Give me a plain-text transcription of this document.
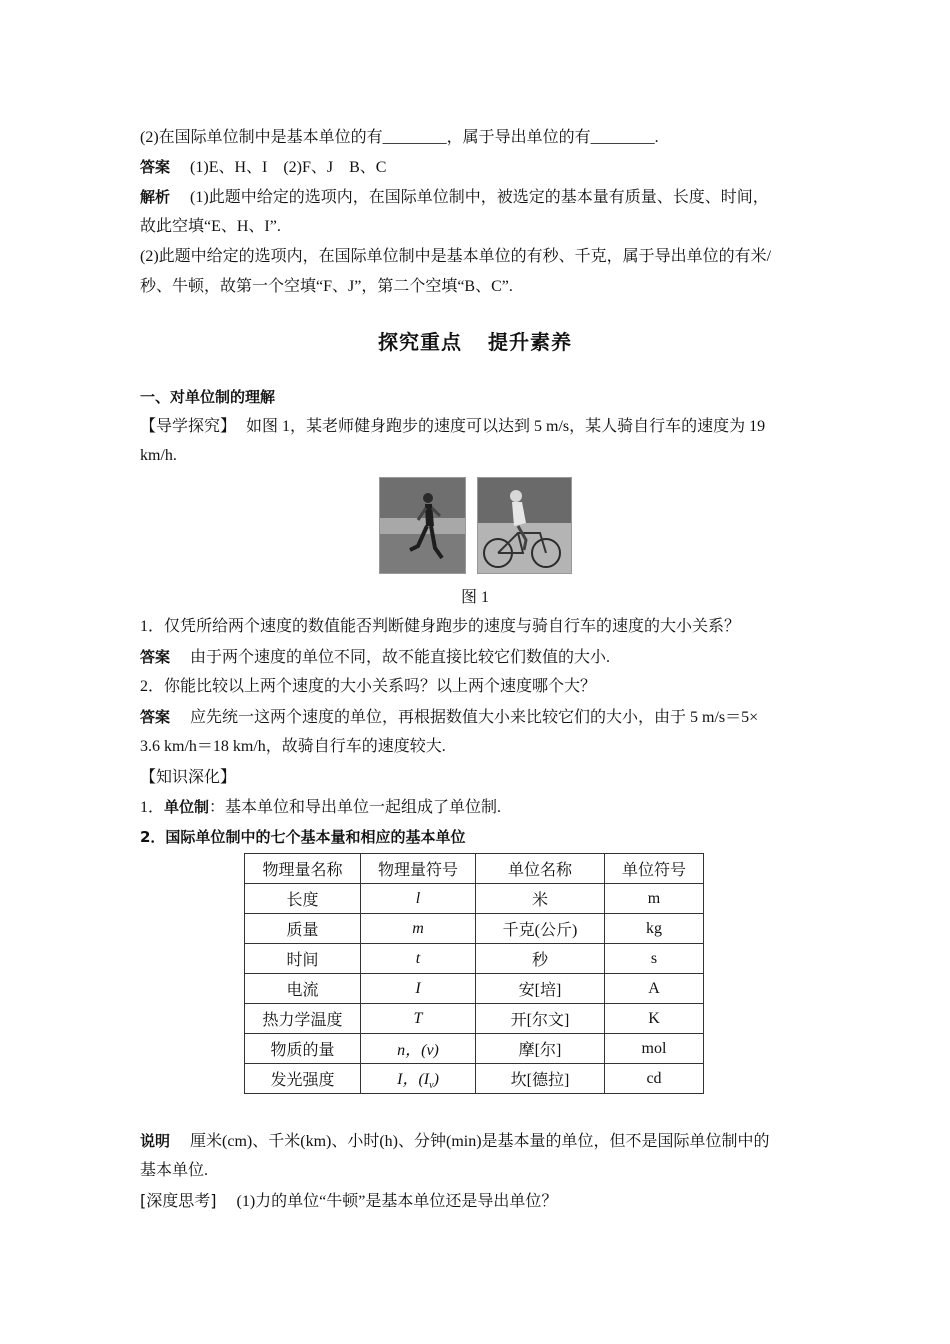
(2)在国际单位制中是基本单位的有________，属于导出单位的有________.
答案　 (1)E、H、I　(2)F、J　B、C
解析　 (1)此题中给定的选项内，在国际单位制中，被选定的基本量有质量、长度、时间，
故此空填“E、H、I”.
(2)此题中给定的选项内，在国际单位制中是基本单位的有秒、千克，属于导出单位的有米/
秒、牛顿，故第一个空填“F、J”，第二个空填“B、C”.
探究重点 提升素养
一、对单位制的理解
【导学探究】 如图 1，某老师健身跑步的速度可以达到 5 m/s，某人骑自行车的速度为 19
km/h.
图 1
1．仅凭所给两个速度的数值能否判断健身跑步的速度与骑自行车的速度的大小关系？
答案　 由于两个速度的单位不同，故不能直接比较它们数值的大小.
2．你能比较以上两个速度的大小关系吗？以上两个速度哪个大？
答案　 应先统一这两个速度的单位，再根据数值大小来比较它们的大小，由于 5 m/s＝5×
3.6 km/h＝18 km/h，故骑自行车的速度较大.
【知识深化】
1．单位制：基本单位和导出单位一起组成了单位制.
2．国际单位制中的七个基本量和相应的基本单位
物理量名称	物理量符号	单位名称	单位符号
长度	l	米	m
质量	m	千克(公斤)	kg
时间	t	秒	s
电流	I	安[培]	A
热力学温度	T	开[尔文]	K
物质的量	n，(ν)	摩[尔]	mol
发光强度	I，$(I_v)$	坎[德拉]	cd
说明　 厘米(cm)、千米(km)、小时(h)、分钟(min)是基本量的单位，但不是国际单位制中的
基本单位.
[深度思考]　 (1)力的单位“牛顿”是基本单位还是导出单位？
